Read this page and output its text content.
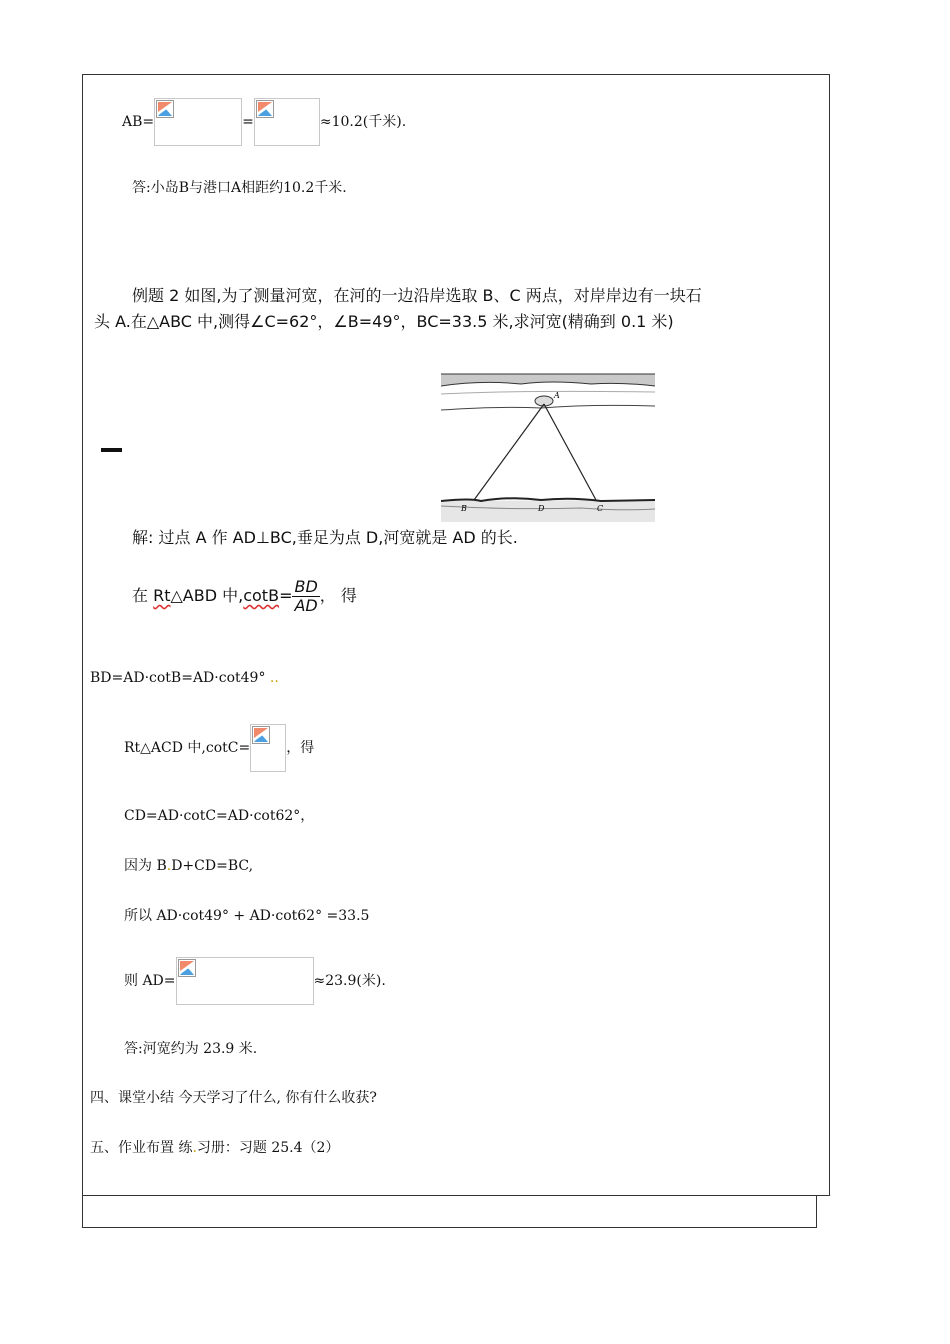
AB=	=	≈10.2(千米).
答:小岛B与港口A相距约10.2千米.
例题 2 如图,为了测量河宽，在河的一边沿岸选取 B、C 两点，对岸岸边有一块石
头 A.在△ABC 中,测得∠C=62°，∠B=49°，BC=33.5 米,求河宽(精确到 0.1 米)
A
B	D	C
解: 过点 A 作 AD⊥BC,垂足为点 D,河宽就是 AD 的长.
在 Rt△ABD 中$,\cot B= \frac{BD}{AD}$ ， 得
BD=AD·cotB=AD·cot49° ..
Rt△ACD 中,cotC=	，得
CD=AD·cotC=AD·cot62°，
因为 B.D+CD=BC,
所以 AD·cot49° + AD·cot62° =33.5
则 AD=	≈23.9(米).
答:河宽约为 23.9 米.
四、课堂小结 今天学习了什么, 你有什么收获?
五、作业布置 练.习册：习题 25.4（2）
